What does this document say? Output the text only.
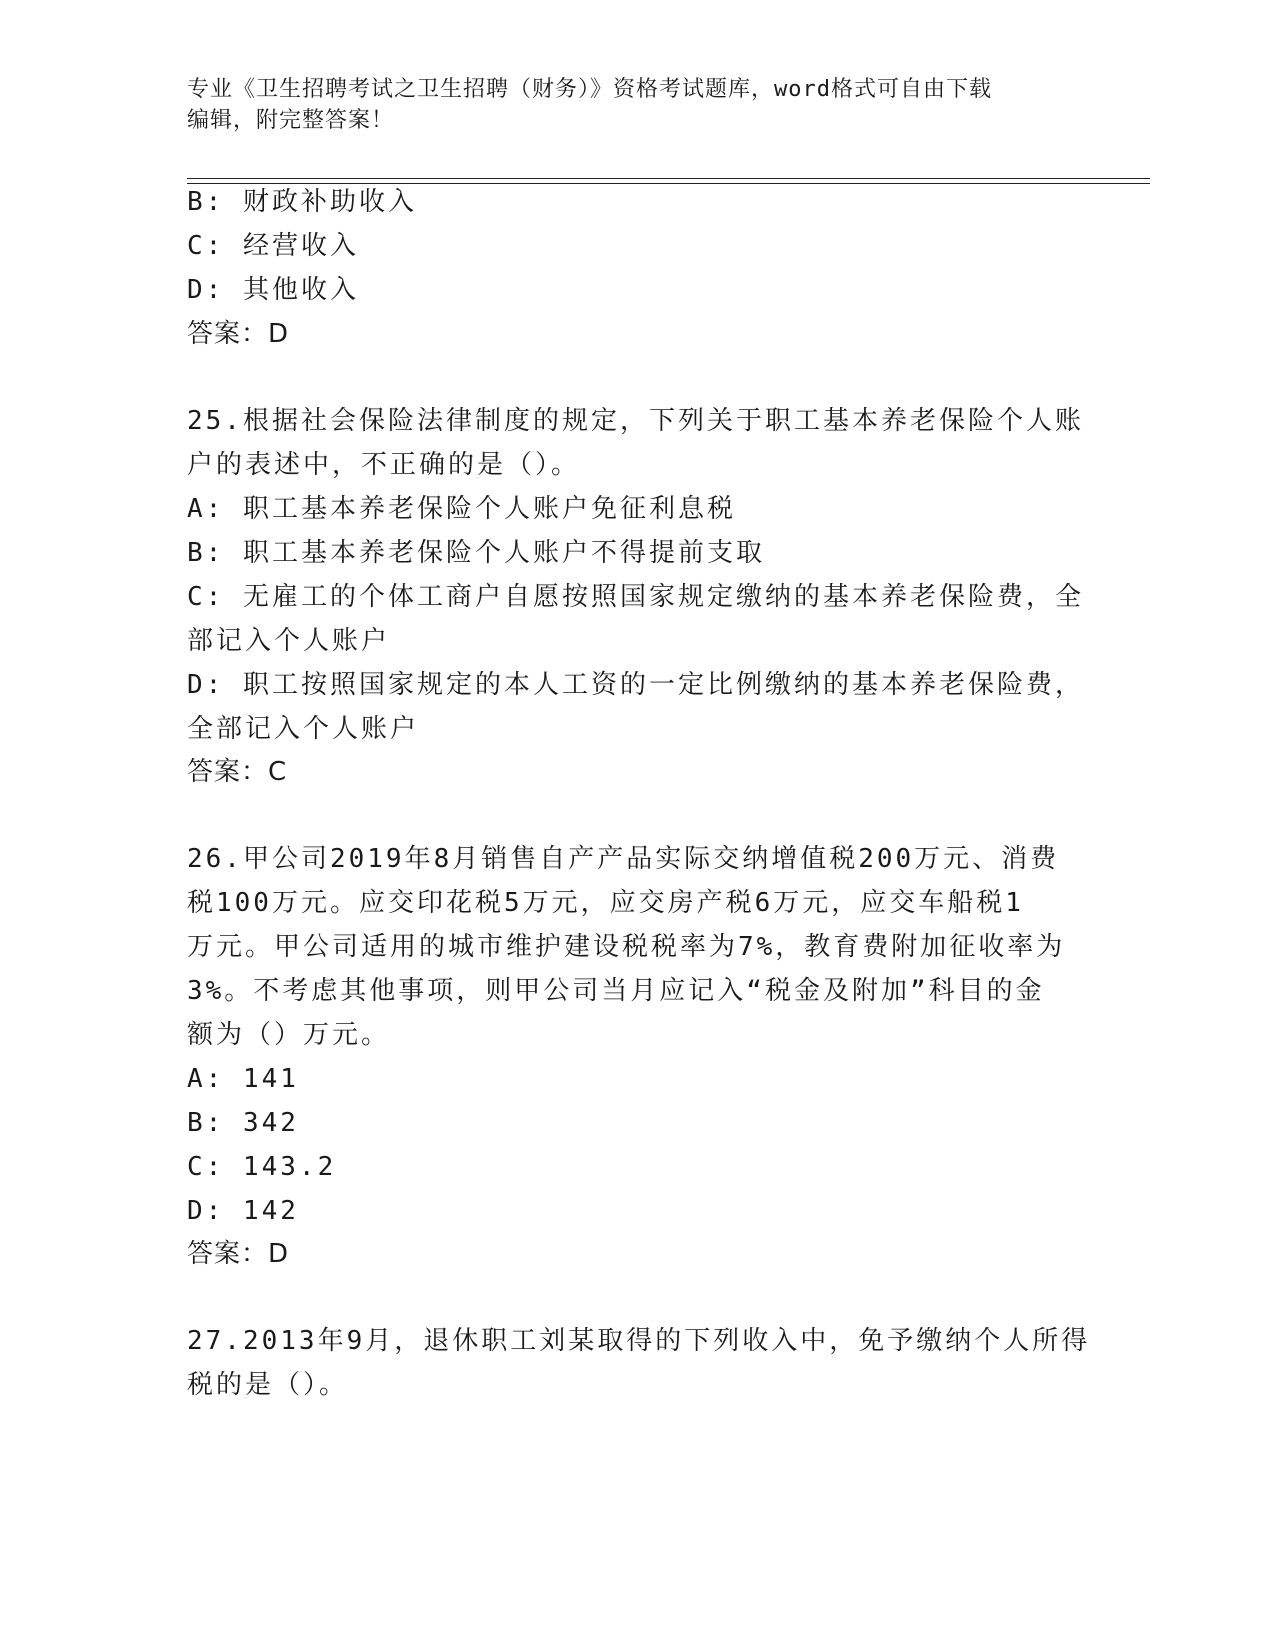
专业《卫生招聘考试之卫生招聘（财务）》资格考试题库，word格式可自由下载
编辑，附完整答案！
B: 财政补助收入
C: 经营收入
D: 其他收入
答案：D
25.根据社会保险法律制度的规定，下列关于职工基本养老保险个人账
户的表述中，不正确的是（）。
A: 职工基本养老保险个人账户免征利息税
B: 职工基本养老保险个人账户不得提前支取
C: 无雇工的个体工商户自愿按照国家规定缴纳的基本养老保险费，全
部记入个人账户
D: 职工按照国家规定的本人工资的一定比例缴纳的基本养老保险费，
全部记入个人账户
答案：C
26.甲公司2019年8月销售自产产品实际交纳增值税200万元、消费
税100万元。应交印花税5万元，应交房产税6万元，应交车船税1
万元。甲公司适用的城市维护建设税税率为7%，教育费附加征收率为
3%。不考虑其他事项，则甲公司当月应记入“税金及附加”科目的金
额为（）万元。
A: 141
B: 342
C: 143.2
D: 142
答案：D
27.2013年9月，退休职工刘某取得的下列收入中，免予缴纳个人所得
税的是（）。
